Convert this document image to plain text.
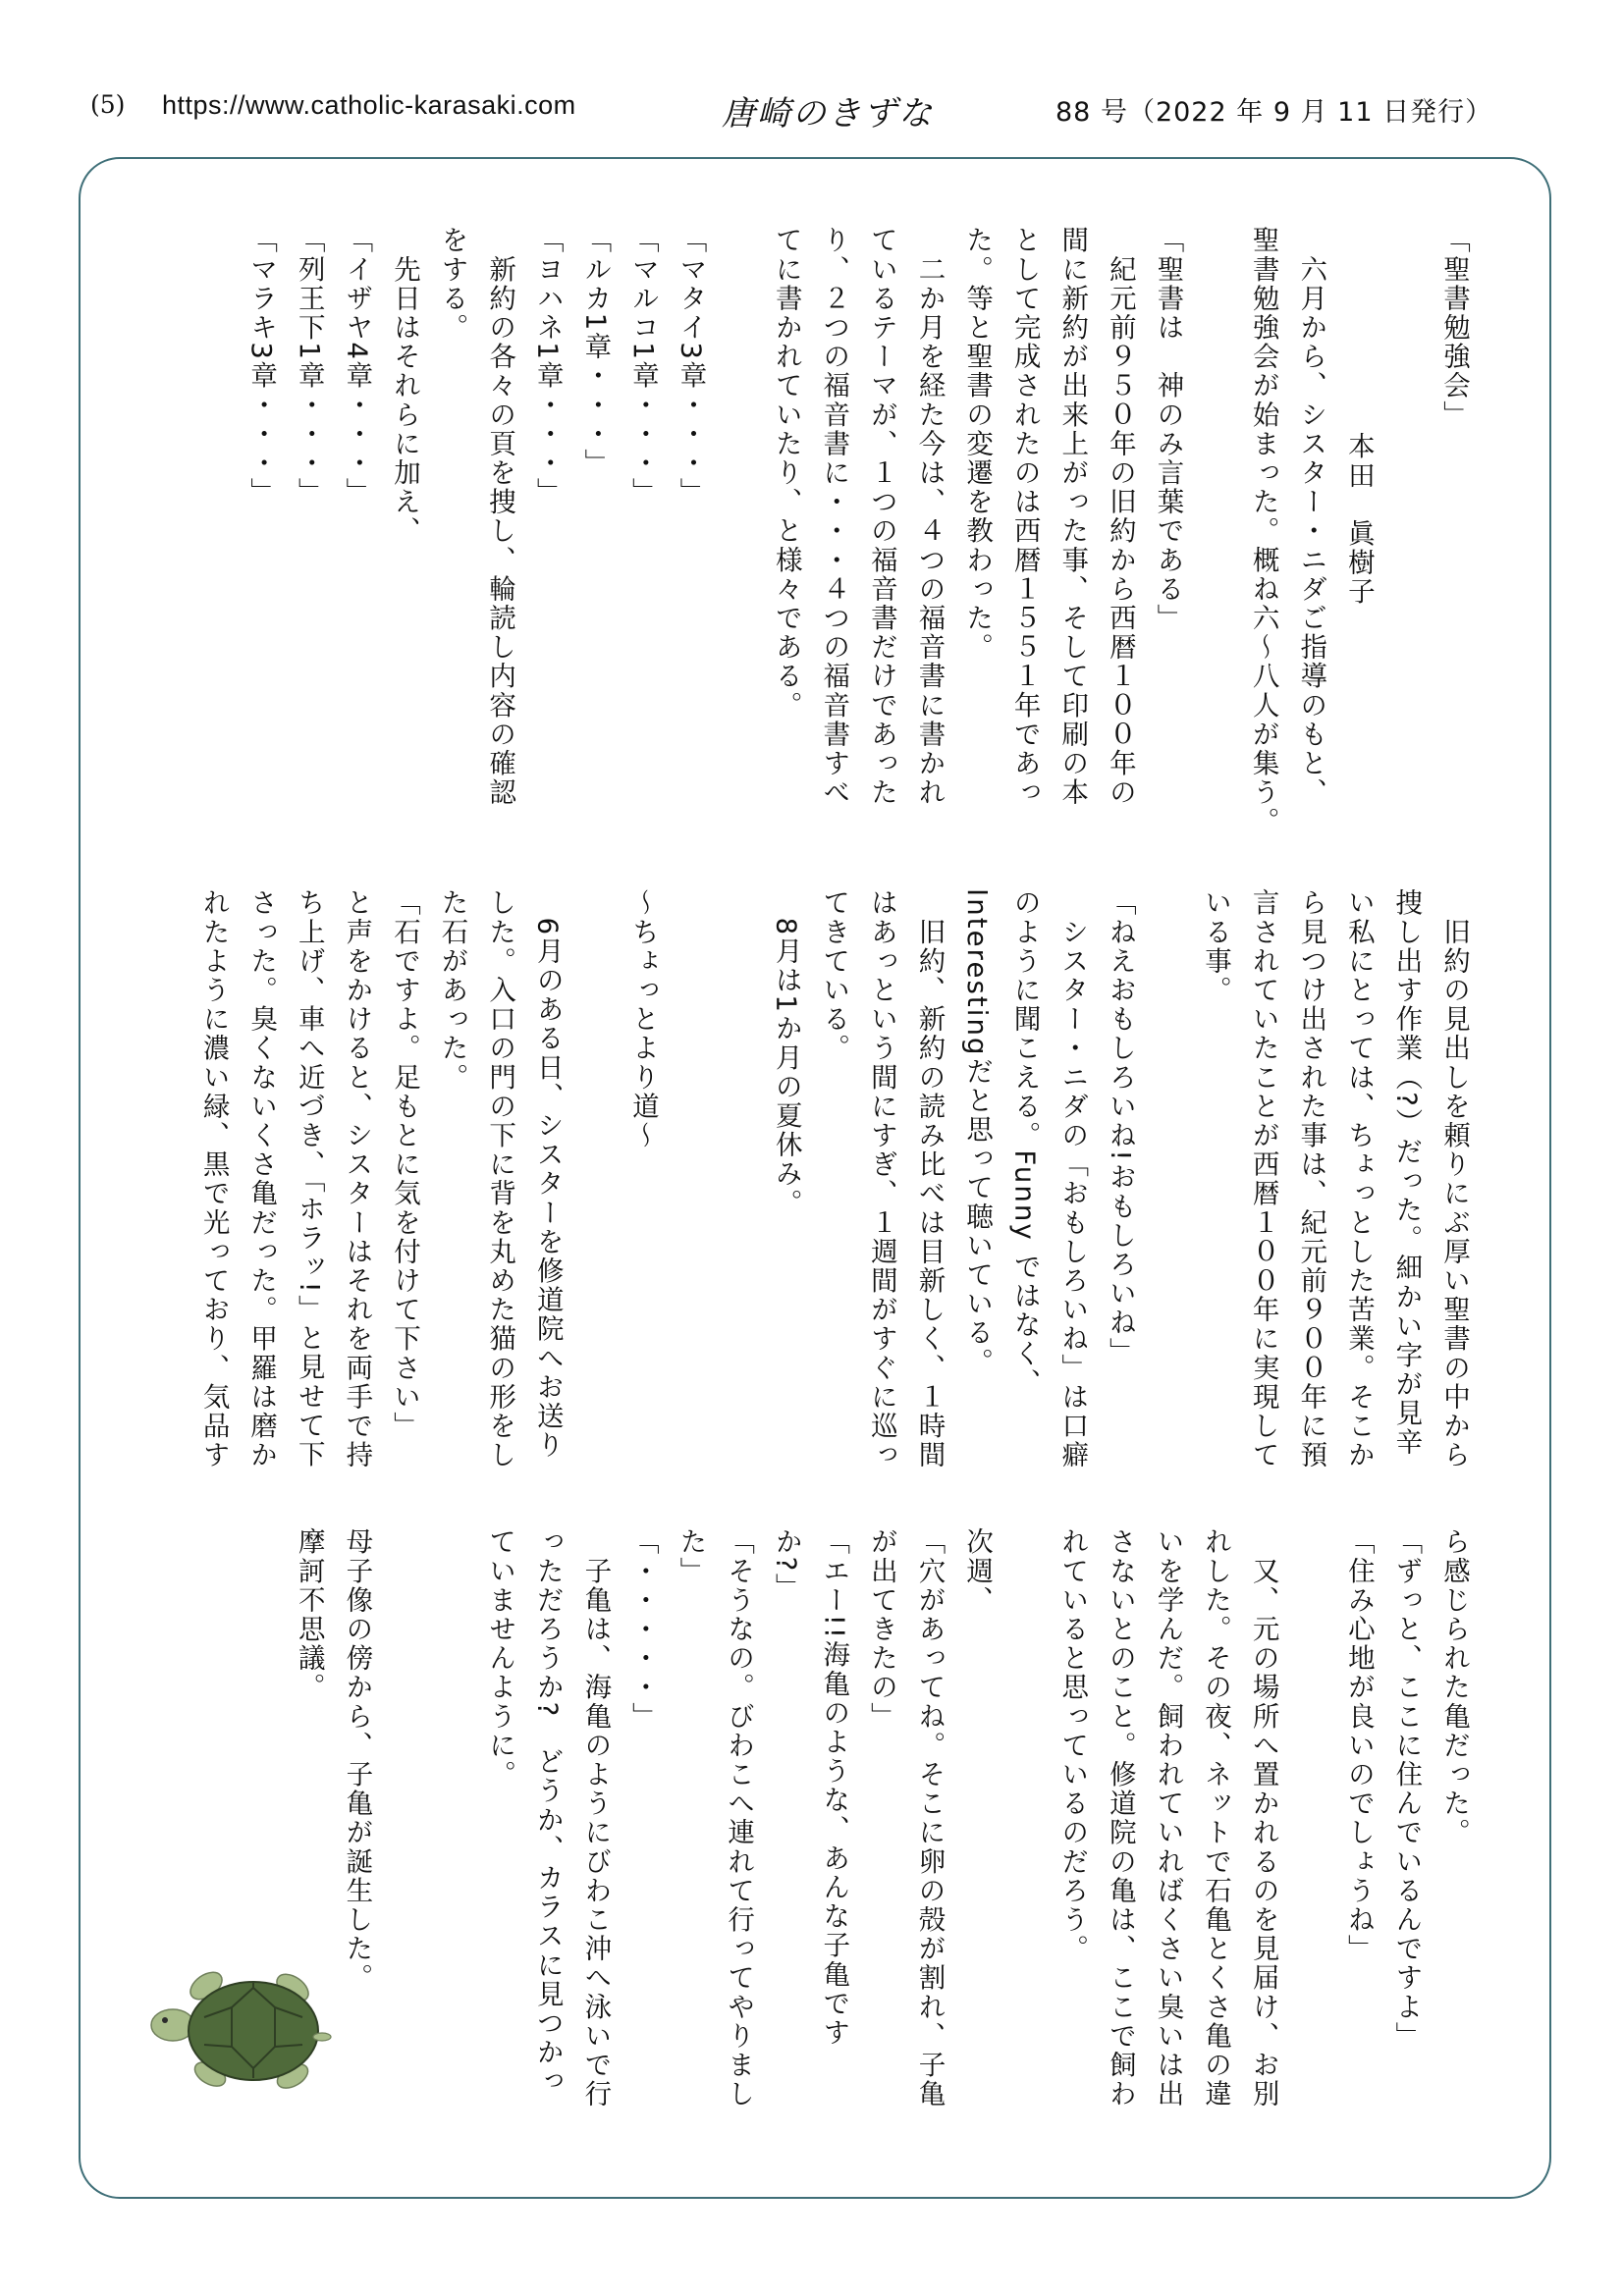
(5) https://www.catholic-karasaki.com	唐崎のきずな	88 号（2022 年 9 月 11 日発行）

「聖書勉強会」

本田　眞樹子

　六月から、シスター・ニダご指導のもと、

聖書勉強会が始まった。概ね六～八人が集う。

「聖書は　神のみ言葉である」

　紀元前９５０年の旧約から西暦１００年の

間に新約が出来上がった事、そして印刷の本

として完成されたのは西暦１５５１年であっ

た。等と聖書の変遷を教わった。

　二か月を経た今は、４つの福音書に書かれ

ているテーマが、１つの福音書だけであった

り、２つの福音書に・・・４つの福音書すべ

てに書かれていたり、と様々である。

「マタイ3章・・・」

「マルコ1章・・・」

「ルカ1章・・・」

「ヨハネ1章・・・」

　新約の各々の頁を捜し、輪読し内容の確認

をする。

　先日はそれらに加え、

「イザヤ4章・・・」

「列王下1章・・・」

「マラキ3章・・・」

　旧約の見出しを頼りにぶ厚い聖書の中から

捜し出す作業（?）だった。細かい字が見辛

い私にとっては、ちょっとした苦業。そこか

ら見つけ出された事は、紀元前９００年に預

言されていたことが西暦１００年に実現して

いる事。

「ねえおもしろいね!おもしろいね」

　シスター・ニダの「おもしろいね」は口癖

のように聞こえる。Funny ではなく、

Interestingだと思って聴いている。

　旧約、新約の読み比べは目新しく、１時間

はあっという間にすぎ、１週間がすぐに巡っ

てきている。

　8月は1か月の夏休み。

～ちょっとより道～

　6月のある日、シスターを修道院へお送り

した。入口の門の下に背を丸めた猫の形をし

た石があった。

「石ですよ。足もとに気を付けて下さい」

と声をかけると、シスターはそれを両手で持

ち上げ、車へ近づき、「ホラッ!」と見せて下

さった。臭くないくさ亀だった。甲羅は磨か

れたように濃い緑、黒で光っており、気品す

ら感じられた亀だった。

「ずっと、ここに住んでいるんですよ」

「住み心地が良いのでしょうね」

　又、元の場所へ置かれるのを見届け、お別

れした。その夜、ネットで石亀とくさ亀の違

いを学んだ。飼われていればくさい臭いは出

さないとのこと。修道院の亀は、ここで飼わ

れていると思っているのだろう。

次週、

「穴があってね。そこに卵の殻が割れ、子亀

が出てきたの」

「エー!!海亀のような、あんな子亀です

か?」

「そうなの。びわこへ連れて行ってやりまし

た」

「・・・・・」

　子亀は、海亀のようにびわこ沖へ泳いで行

っただろうか?　どうか、カラスに見つかっ

ていませんように。

母子像の傍から、子亀が誕生した。

摩訶不思議。
